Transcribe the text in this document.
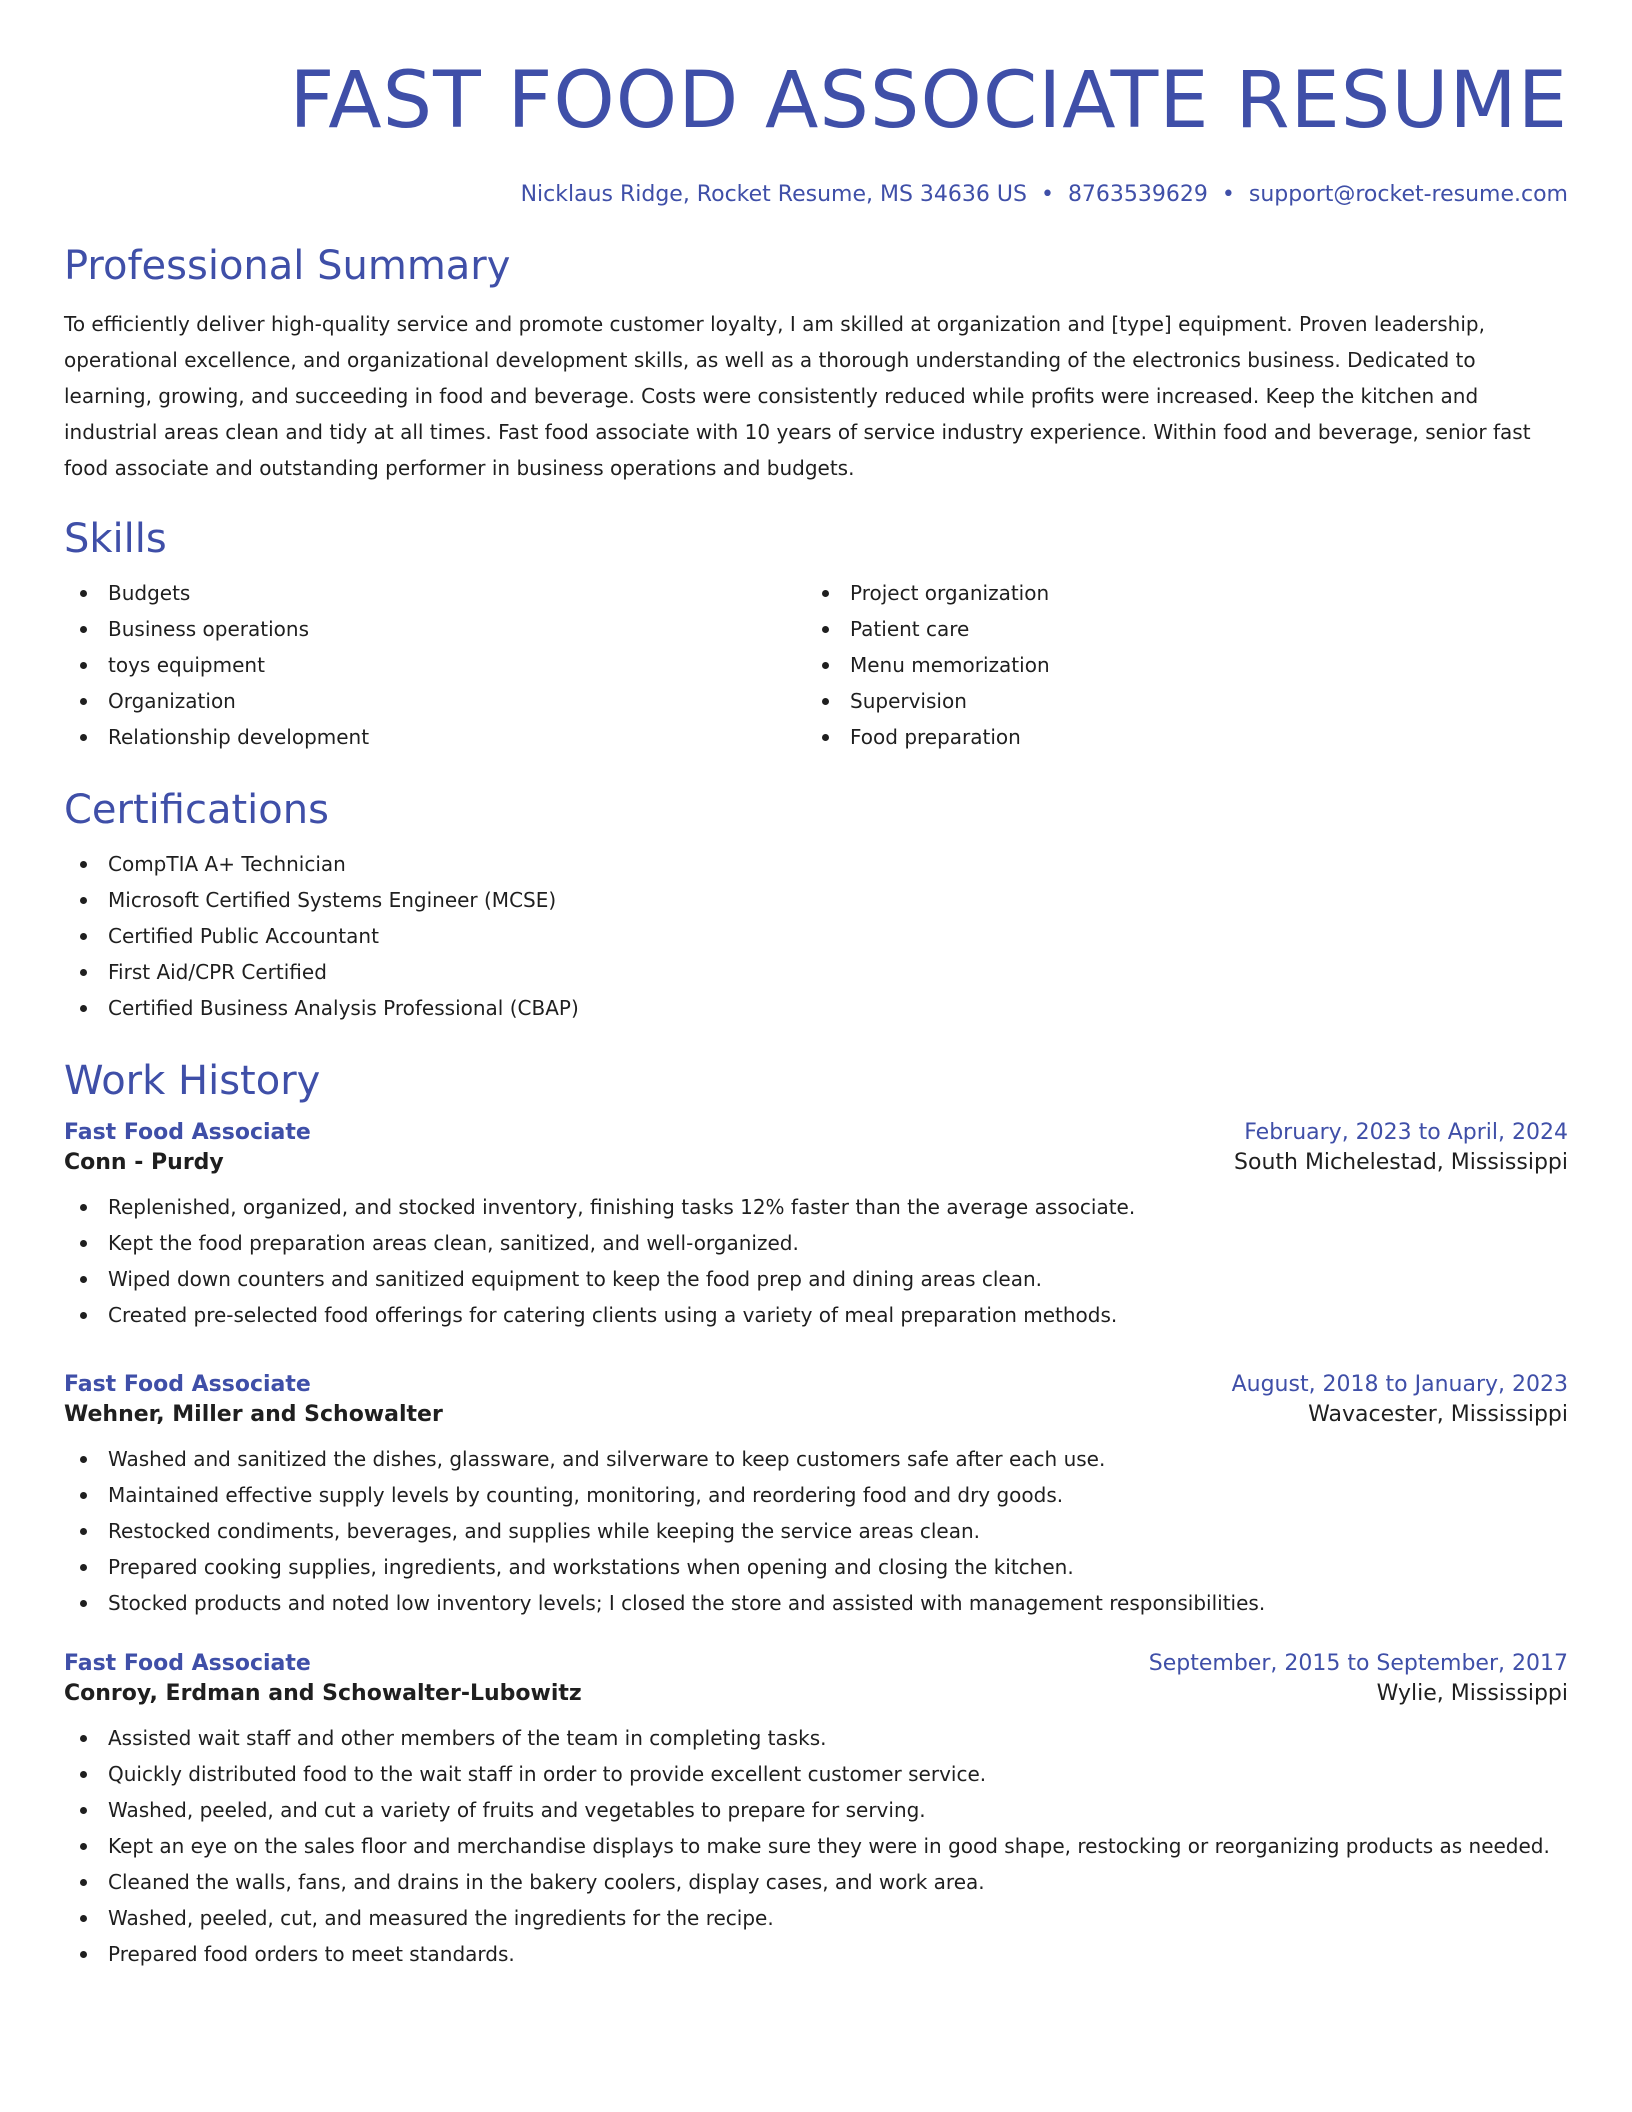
FAST FOOD ASSOCIATE RESUME
Nicklaus Ridge, Rocket Resume, MS 34636 US • 8763539629 • support@rocket-resume.com
Professional Summary

To efficiently deliver high-quality service and promote customer loyalty, I am skilled at organization and [type] equipment. Proven leadership, operational excellence, and organizational development skills, as well as a thorough understanding of the electronics business. Dedicated to learning, growing, and succeeding in food and beverage. Costs were consistently reduced while profits were increased. Keep the kitchen and industrial areas clean and tidy at all times. Fast food associate with 10 years of service industry experience. Within food and beverage, senior fast food associate and outstanding performer in business operations and budgets.

Skills
Budgets
Business operations
toys equipment
Organization
Relationship development
Project organization
Patient care
Menu memorization
Supervision
Food preparation
Certifications
CompTIA A+ Technician
Microsoft Certified Systems Engineer (MCSE)
Certified Public Accountant
First Aid/CPR Certified
Certified Business Analysis Professional (CBAP)
Work History
Fast Food Associate	February, 2023 to April, 2024
Conn - Purdy	South Michelestad, Mississippi
Replenished, organized, and stocked inventory, finishing tasks 12% faster than the average associate.
Kept the food preparation areas clean, sanitized, and well-organized.
Wiped down counters and sanitized equipment to keep the food prep and dining areas clean.
Created pre-selected food offerings for catering clients using a variety of meal preparation methods.
Fast Food Associate	August, 2018 to January, 2023
Wehner, Miller and Schowalter	Wavacester, Mississippi
Washed and sanitized the dishes, glassware, and silverware to keep customers safe after each use.
Maintained effective supply levels by counting, monitoring, and reordering food and dry goods.
Restocked condiments, beverages, and supplies while keeping the service areas clean.
Prepared cooking supplies, ingredients, and workstations when opening and closing the kitchen.
Stocked products and noted low inventory levels; I closed the store and assisted with management responsibilities.
Fast Food Associate	September, 2015 to September, 2017
Conroy, Erdman and Schowalter-Lubowitz	Wylie, Mississippi
Assisted wait staff and other members of the team in completing tasks.
Quickly distributed food to the wait staff in order to provide excellent customer service.
Washed, peeled, and cut a variety of fruits and vegetables to prepare for serving.
Kept an eye on the sales floor and merchandise displays to make sure they were in good shape, restocking or reorganizing products as needed.
Cleaned the walls, fans, and drains in the bakery coolers, display cases, and work area.
Washed, peeled, cut, and measured the ingredients for the recipe.
Prepared food orders to meet standards.
